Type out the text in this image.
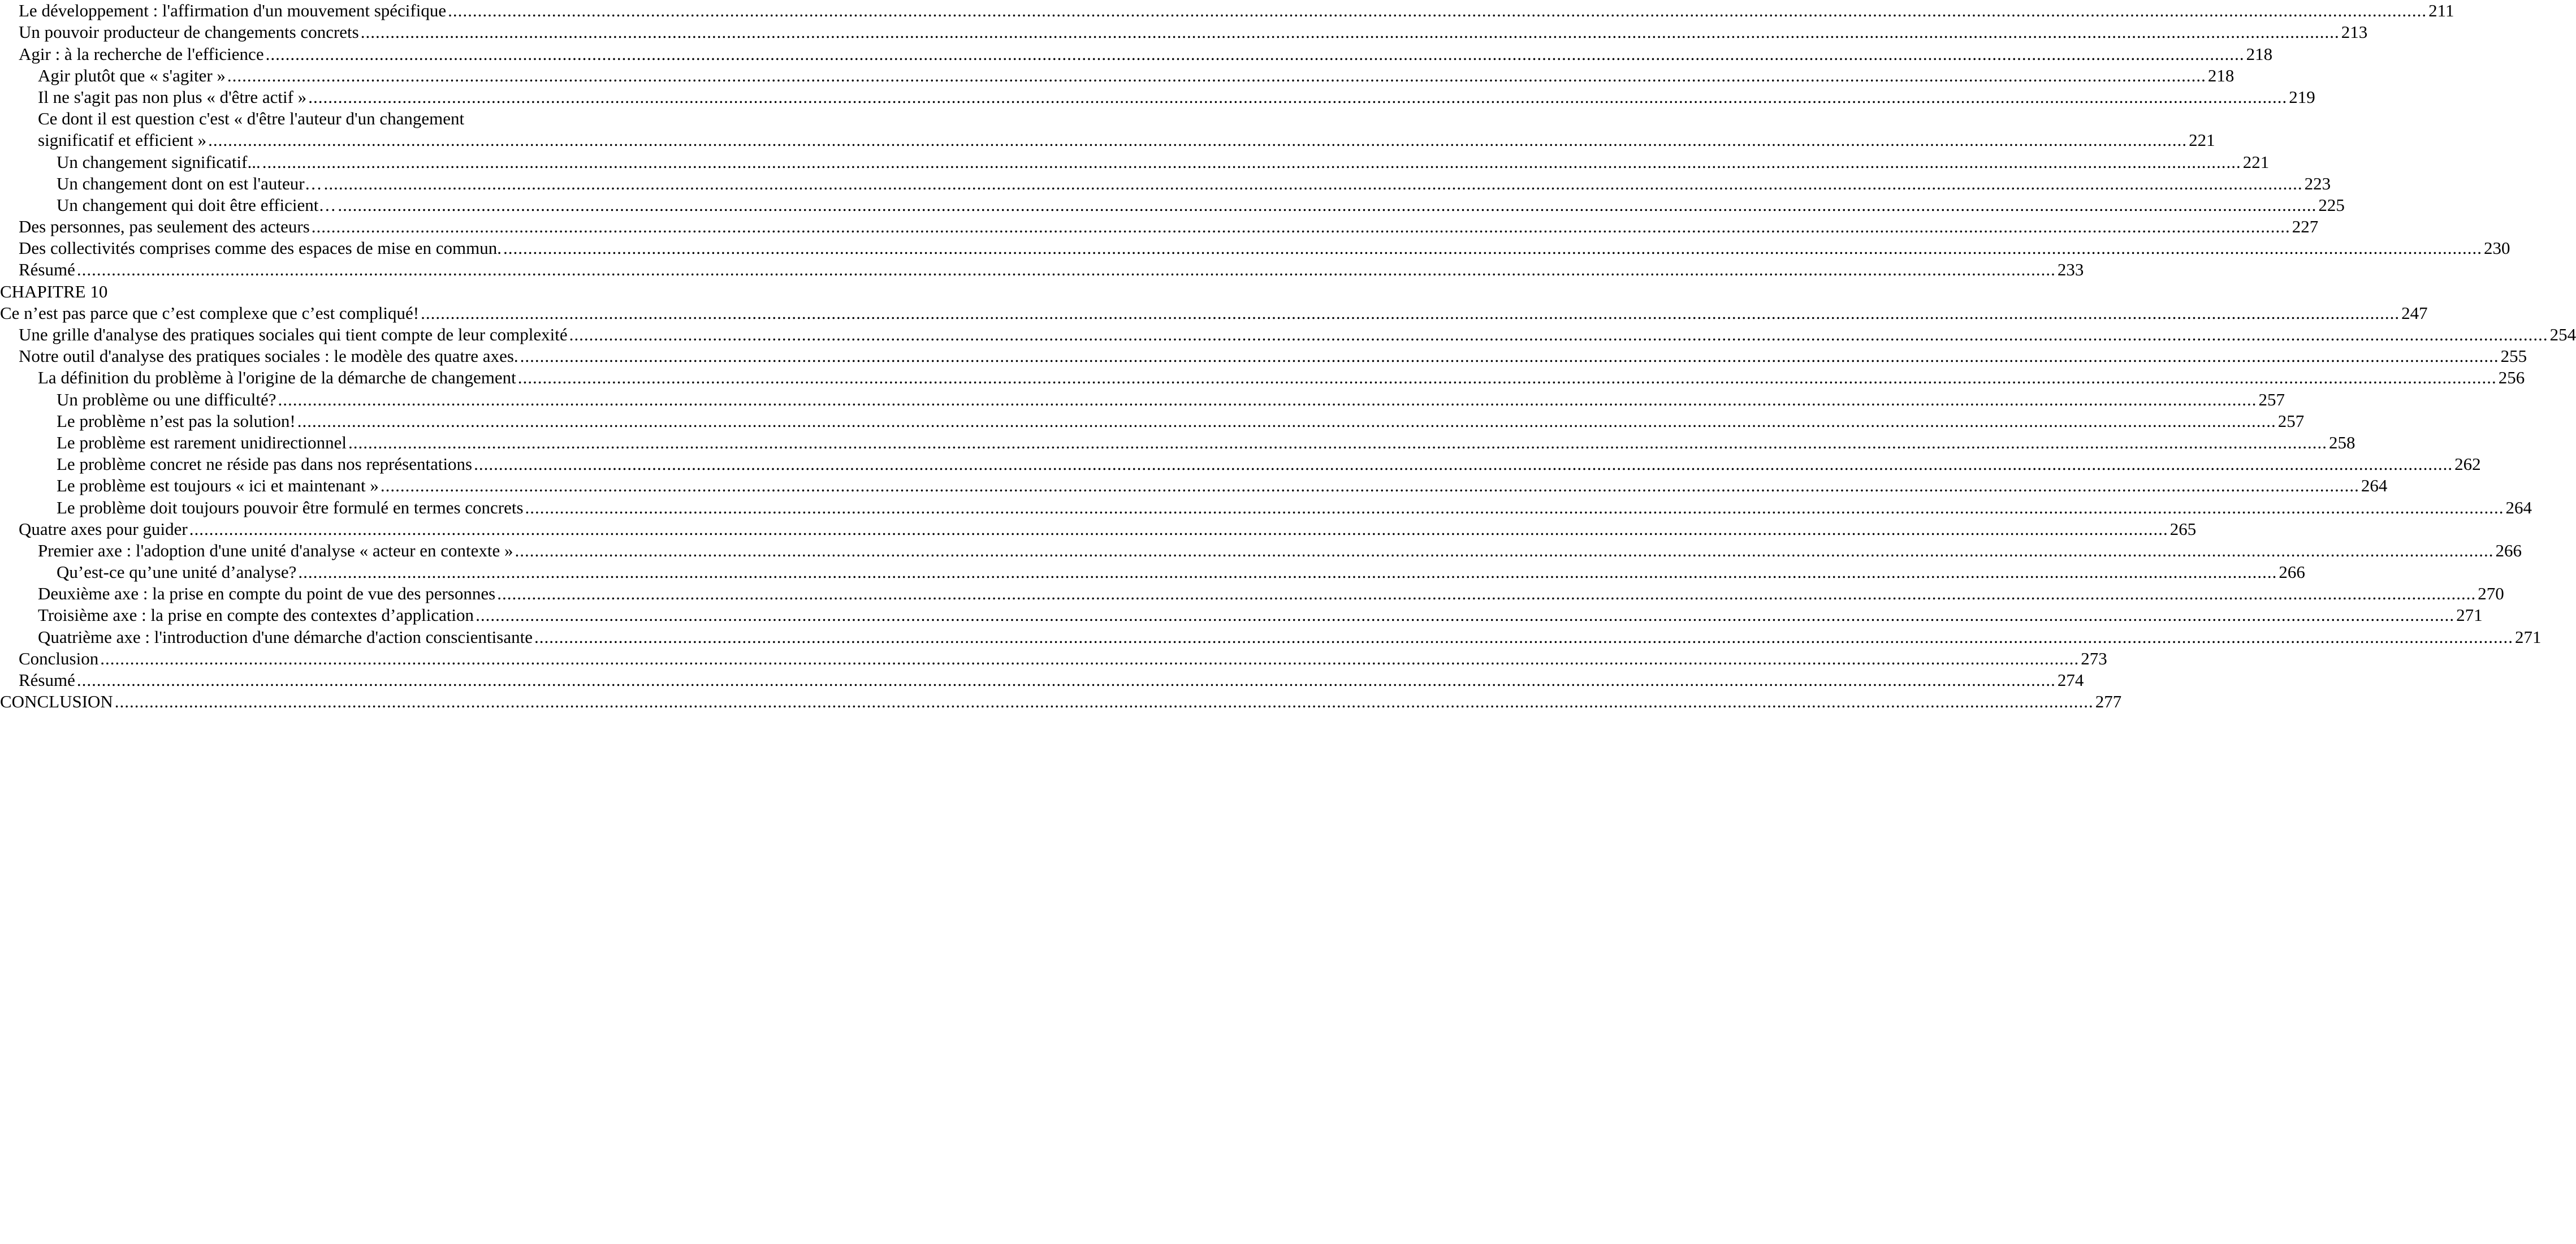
Le développement : l'affirmation d'un mouvement spécifique ................................................................................................................................................................................................................................................................................................................................................................................................................ 211
Un pouvoir producteur de changements concrets ................................................................................................................................................................................................................................................................................................................................................................................................................ 213
Agir : à la recherche de l'efficience ................................................................................................................................................................................................................................................................................................................................................................................................................ 218
Agir plutôt que « s'agiter » ................................................................................................................................................................................................................................................................................................................................................................................................................ 218
Il ne s'agit pas non plus « d'être actif » ................................................................................................................................................................................................................................................................................................................................................................................................................ 219
Ce dont il est question c'est « d'être l'auteur d'un changement
significatif et efficient » ................................................................................................................................................................................................................................................................................................................................................................................................................ 221
Un changement significatif... ................................................................................................................................................................................................................................................................................................................................................................................................................ 221
Un changement dont on est l'auteur… ................................................................................................................................................................................................................................................................................................................................................................................................................ 223
Un changement qui doit être efficient… ................................................................................................................................................................................................................................................................................................................................................................................................................ 225
Des personnes, pas seulement des acteurs ................................................................................................................................................................................................................................................................................................................................................................................................................ 227
Des collectivités comprises comme des espaces de mise en commun. ................................................................................................................................................................................................................................................................................................................................................................................................................ 230
Résumé ................................................................................................................................................................................................................................................................................................................................................................................................................ 233
CHAPITRE 10
Ce n’est pas parce que c’est complexe que c’est compliqué! ................................................................................................................................................................................................................................................................................................................................................................................................................ 247
Une grille d'analyse des pratiques sociales qui tient compte de leur complexité ................................................................................................................................................................................................................................................................................................................................................................................................................ 254
Notre outil d'analyse des pratiques sociales : le modèle des quatre axes. ................................................................................................................................................................................................................................................................................................................................................................................................................ 255
La définition du problème à l'origine de la démarche de changement ................................................................................................................................................................................................................................................................................................................................................................................................................ 256
Un problème ou une difficulté? ................................................................................................................................................................................................................................................................................................................................................................................................................ 257
Le problème n’est pas la solution! ................................................................................................................................................................................................................................................................................................................................................................................................................ 257
Le problème est rarement unidirectionnel ................................................................................................................................................................................................................................................................................................................................................................................................................ 258
Le problème concret ne réside pas dans nos représentations ................................................................................................................................................................................................................................................................................................................................................................................................................ 262
Le problème est toujours « ici et maintenant » ................................................................................................................................................................................................................................................................................................................................................................................................................ 264
Le problème doit toujours pouvoir être formulé en termes concrets ................................................................................................................................................................................................................................................................................................................................................................................................................ 264
Quatre axes pour guider ................................................................................................................................................................................................................................................................................................................................................................................................................ 265
Premier axe : l'adoption d'une unité d'analyse « acteur en contexte » ................................................................................................................................................................................................................................................................................................................................................................................................................ 266
Qu’est-ce qu’une unité d’analyse? ................................................................................................................................................................................................................................................................................................................................................................................................................ 266
Deuxième axe : la prise en compte du point de vue des personnes ................................................................................................................................................................................................................................................................................................................................................................................................................ 270
Troisième axe : la prise en compte des contextes d’application ................................................................................................................................................................................................................................................................................................................................................................................................................ 271
Quatrième axe : l'introduction d'une démarche d'action conscientisante ................................................................................................................................................................................................................................................................................................................................................................................................................ 271
Conclusion ................................................................................................................................................................................................................................................................................................................................................................................................................ 273
Résumé ................................................................................................................................................................................................................................................................................................................................................................................................................ 274
CONCLUSION ................................................................................................................................................................................................................................................................................................................................................................................................................ 277
